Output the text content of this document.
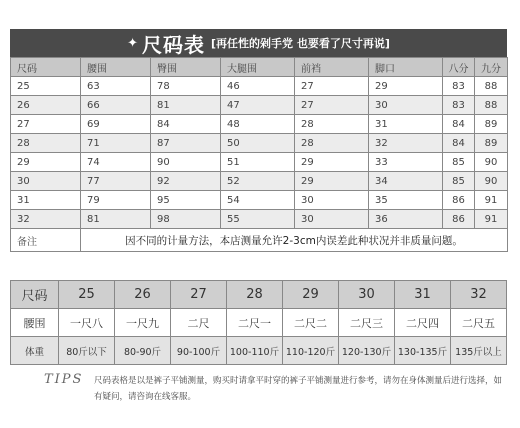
✦ 尺码表 [再任性的剁手党 也要看了尺寸再说]
尺码	腰围	臀围	大腿围	前裆	脚口	八分	九分
25	63	78	46	27	29	83	88
26	66	81	47	27	30	83	88
27	69	84	48	28	31	84	89
28	71	87	50	28	32	84	89
29	74	90	51	29	33	85	90
30	77	92	52	29	34	85	90
31	79	95	54	30	35	86	91
32	81	98	55	30	36	86	91
备注	因不同的计量方法，本店测量允许2-3cm内误差此种状况并非质量问题。						
尺码	25	26	27	28	29	30	31	32
腰围	一尺八	一尺九	二尺	二尺一	二尺二	二尺三	二尺四	二尺五
体重	80斤以下	80-90斤	90-100斤	100-110斤	110-120斤	120-130斤	130-135斤	135斤以上
TIPS 尺码表格是以是裤子平铺测量，购买时请拿平时穿的裤子平铺测量进行参考，请勿在身体测量后进行选择，如有疑问，请咨询在线客服。
